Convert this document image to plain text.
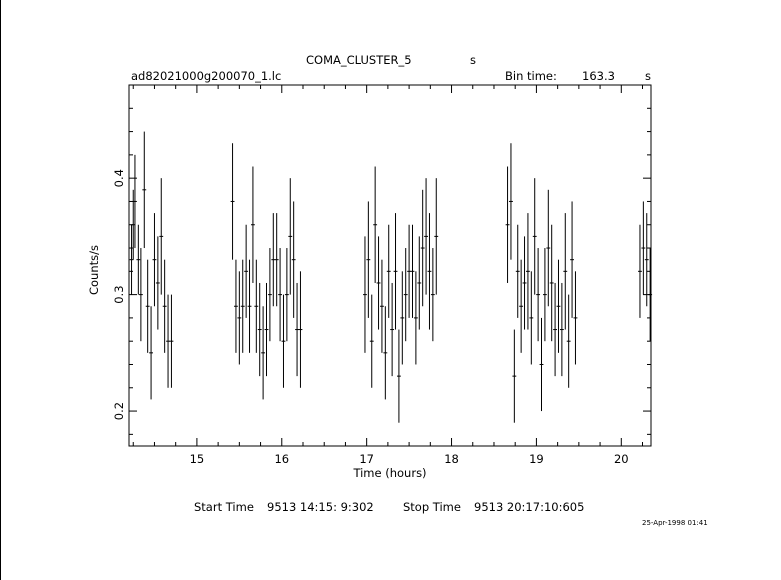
COMA_CLUSTER_5	s
ad82021000g200070_1.lc	Bin time: 163.3	s
15	16	17	18	19	20
0.2
0.3
0.4
Time (hours)
Counts/s
Start Time 9513 14:15: 9:302	Stop Time 9513 20:17:10:605
25-Apr-1998 01:41
